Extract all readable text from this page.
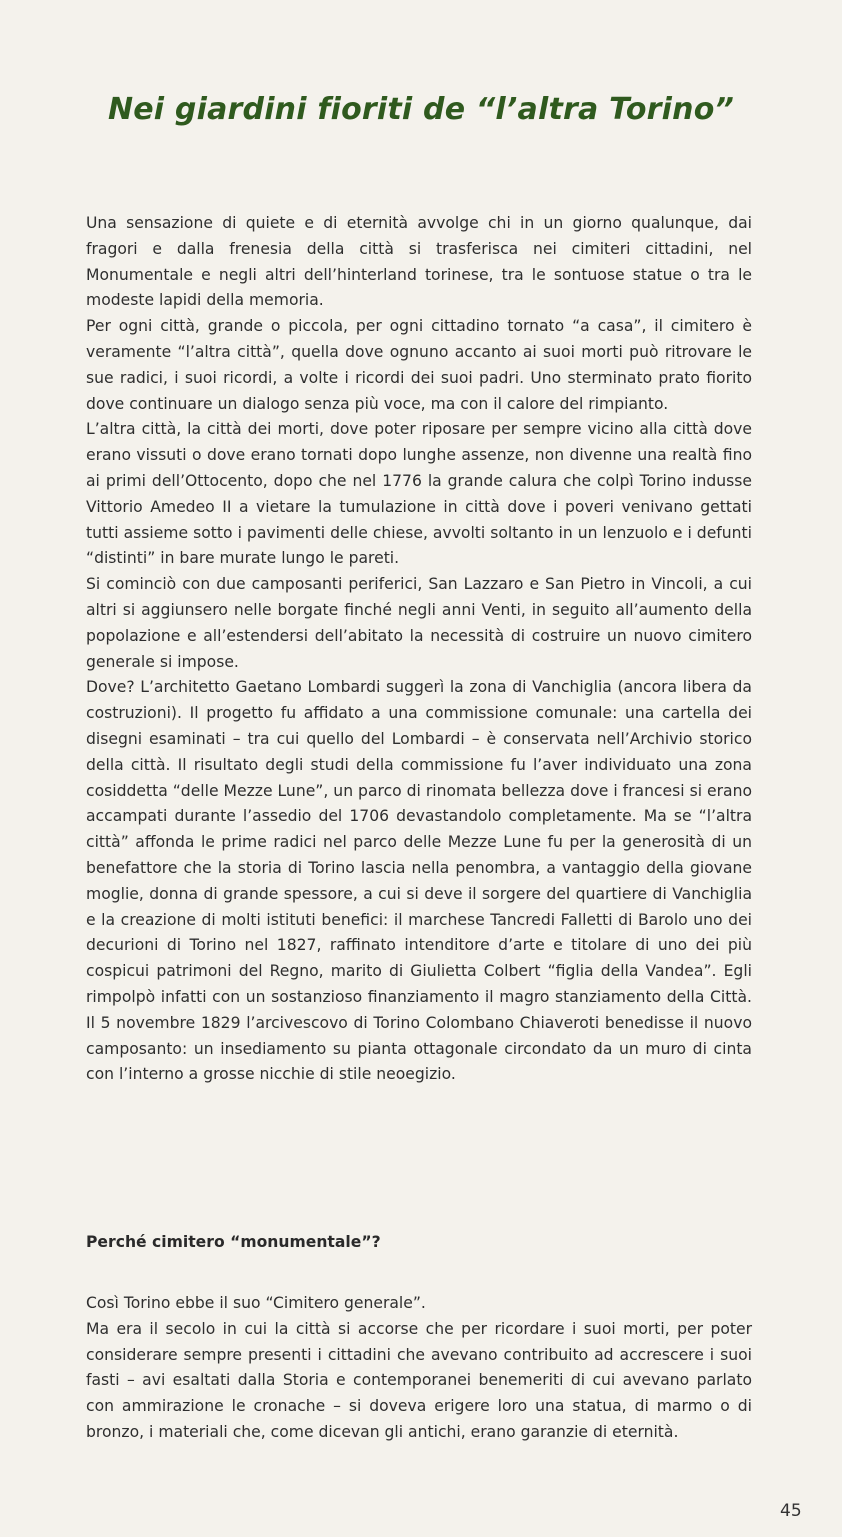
Nei giardini fioriti de “l’altra Torino”

Una sensazione di quiete e di eternità avvolge chi in un giorno qualunque, dai fragori e dalla frenesia della città si trasferisca nei cimiteri cittadini, nel Monumentale e negli altri dell’hinterland torinese, tra le sontuose statue o tra le modeste lapidi della memoria.

Per ogni città, grande o piccola, per ogni cittadino tornato “a casa”, il cimitero è veramente “l’altra città”, quella dove ognuno accanto ai suoi morti può ritrovare le sue radici, i suoi ricordi, a volte i ricordi dei suoi padri. Uno sterminato prato fiorito dove continuare un dialogo senza più voce, ma con il calore del rimpianto.

L’altra città, la città dei morti, dove poter riposare per sempre vicino alla città dove erano vissuti o dove erano tornati dopo lunghe assenze, non divenne una realtà fino ai primi dell’Ottocento, dopo che nel 1776 la grande calura che colpì Torino indusse Vittorio Amedeo II a vietare la tumulazione in città dove i poveri venivano gettati tutti assieme sotto i pavimenti delle chiese, avvolti soltanto in un lenzuolo e i defunti “distinti” in bare murate lungo le pareti.

Si cominciò con due camposanti periferici, San Lazzaro e San Pietro in Vincoli, a cui altri si aggiunsero nelle borgate finché negli anni Venti, in seguito all’aumento della popolazione e all’estendersi dell’abitato la necessità di costruire un nuovo cimitero generale si impose.

Dove? L’architetto Gaetano Lombardi suggerì la zona di Vanchiglia (ancora libera da costruzioni). Il progetto fu affidato a una commissione comunale: una cartella dei disegni esaminati – tra cui quello del Lombardi – è conservata nell’Archivio storico della città. Il risultato degli studi della commissione fu l’aver individuato una zona cosiddetta “delle Mezze Lune”, un parco di rinomata bellezza dove i francesi si erano accampati durante l’assedio del 1706 devastandolo completamente. Ma se “l’altra città” affonda le prime radici nel parco delle Mezze Lune fu per la generosità di un benefattore che la storia di Torino lascia nella penombra, a vantaggio della giovane moglie, donna di grande spessore, a cui si deve il sorgere del quartiere di Vanchiglia e la creazione di molti istituti benefici: il marchese Tancredi Falletti di Barolo uno dei decurioni di Torino nel 1827, raffinato intenditore d’arte e titolare di uno dei più cospicui patrimoni del Regno, marito di Giulietta Colbert “figlia della Vandea”. Egli rimpolpò infatti con un sostanzioso finanziamento il magro stanziamento della Città. Il 5 novembre 1829 l’arcivescovo di Torino Colombano Chiaveroti benedisse il nuovo camposanto: un insediamento su pianta ottagonale circondato da un muro di cinta con l’interno a grosse nicchie di stile neoegizio.

Perché cimitero “monumentale”?

Così Torino ebbe il suo “Cimitero generale”.

Ma era il secolo in cui la città si accorse che per ricordare i suoi morti, per poter considerare sempre presenti i cittadini che avevano contribuito ad accrescere i suoi fasti – avi esaltati dalla Storia e contemporanei benemeriti di cui avevano parlato con ammirazione le cronache – si doveva erigere loro una statua, di marmo o di bronzo, i materiali che, come dicevan gli antichi, erano garanzie di eternità.

45
